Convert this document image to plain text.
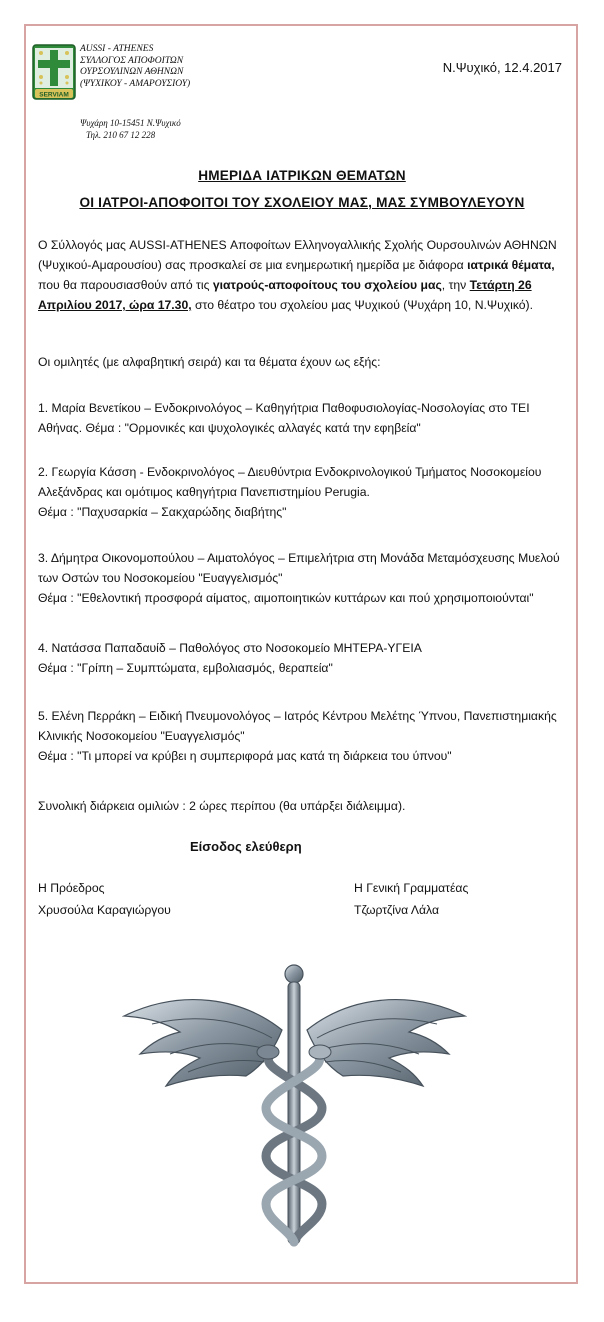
SERVIAM
AUSSI - ATHENES
ΣΥΛΛΟΓΟΣ ΑΠΟΦΟΙΤΩΝ
ΟΥΡΣΟΥΛΙΝΩΝ ΑΘΗΝΩΝ
(ΨΥΧΙΚΟΥ - ΑΜΑΡΟΥΣΙΟΥ)
Ψυχάρη 10-15451 Ν.Ψυχικό
Τηλ. 210 67 12 228
Ν.Ψυχικό, 12.4.2017
ΗΜΕΡΙΔΑ ΙΑΤΡΙΚΩΝ ΘΕΜΑΤΩΝ
ΟΙ ΙΑΤΡΟΙ-ΑΠΟΦΟΙΤΟΙ ΤΟΥ ΣΧΟΛΕΙΟΥ ΜΑΣ, ΜΑΣ ΣΥΜΒΟΥΛΕΥΟΥΝ

Ο Σύλλογός μας AUSSI-ATHENES Αποφοίτων Ελληνογαλλικής Σχολής Ουρσουλινών ΑΘΗΝΩΝ

(Ψυχικού-Αμαρουσίου) σας προσκαλεί σε μια ενημερωτική ημερίδα με διάφορα ιατρικά θέματα,

που θα παρουσιασθούν από τις γιατρούς-αποφοίτους του σχολείου μας, την Τετάρτη 26

Απριλίου 2017, ώρα 17.30, στο θέατρο του σχολείου μας Ψυχικού (Ψυχάρη 10, Ν.Ψυχικό).

Οι ομιλητές (με αλφαβητική σειρά) και τα θέματα έχουν ως εξής:
1. Μαρία Βενετίκου – Ενδοκρινολόγος – Καθηγήτρια Παθοφυσιολογίας-Νοσολογίας στο ΤΕΙ
Αθήνας. Θέμα : "Ορμονικές και ψυχολογικές αλλαγές κατά την εφηβεία"
2. Γεωργία Κάσση - Ενδοκρινολόγος – Διευθύντρια Ενδοκρινολογικού Τμήματος Νοσοκομείου
Αλεξάνδρας και ομότιμος καθηγήτρια Πανεπιστημίου Perugia.
Θέμα : "Παχυσαρκία – Σακχαρώδης διαβήτης"
3. Δήμητρα Οικονομοπούλου – Αιματολόγος – Επιμελήτρια στη Μονάδα Μεταμόσχευσης Μυελού
των Οστών του Νοσοκομείου "Ευαγγελισμός"
Θέμα : "Εθελοντική προσφορά αίματος, αιμοποιητικών κυττάρων και πού χρησιμοποιούνται"
4. Νατάσσα Παπαδαυίδ – Παθολόγος στο Νοσοκομείο ΜΗΤΕΡΑ-ΥΓΕΙΑ
Θέμα : "Γρίπη – Συμπτώματα, εμβολιασμός, θεραπεία"
5. Ελένη Περράκη – Ειδική Πνευμονολόγος – Ιατρός Κέντρου Μελέτης Ύπνου, Πανεπιστημιακής
Κλινικής Νοσοκομείου "Ευαγγελισμός"
Θέμα : "Τι μπορεί να κρύβει η συμπεριφορά μας κατά τη διάρκεια του ύπνου"
Συνολική διάρκεια ομιλιών : 2 ώρες περίπου (θα υπάρξει διάλειμμα).
Είσοδος ελεύθερη
Η Πρόεδρος
Χρυσούλα Καραγιώργου
Η Γενική Γραμματέας
Τζωρτζίνα Λάλα
